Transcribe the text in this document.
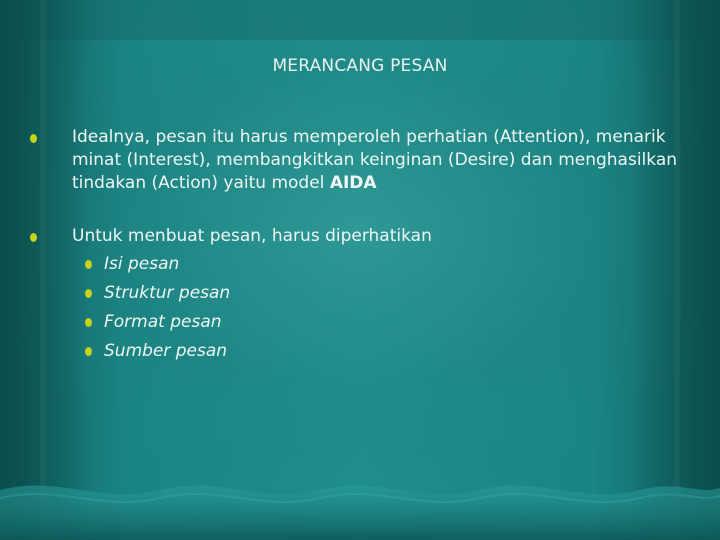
MERANCANG PESAN
Idealnya, pesan itu harus memperoleh perhatian (Attention), menarik minat (Interest), membangkitkan keinginan (Desire) dan menghasilkan tindakan (Action) yaitu model AIDA
Untuk menbuat pesan, harus diperhatikan
Isi pesan
Struktur pesan
Format pesan
Sumber pesan
